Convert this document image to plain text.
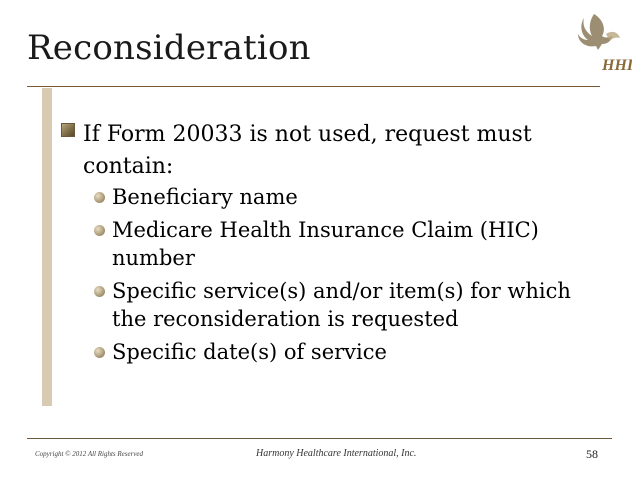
Reconsideration	HHI
If Form 20033 is not used, request must contain:
Beneficiary name
Medicare Health Insurance Claim (HIC) number
Specific service(s) and/or item(s) for which the reconsideration is requested
Specific date(s) of service
Copyright © 2012 All Rights Reserved	Harmony Healthcare International, Inc.	58
